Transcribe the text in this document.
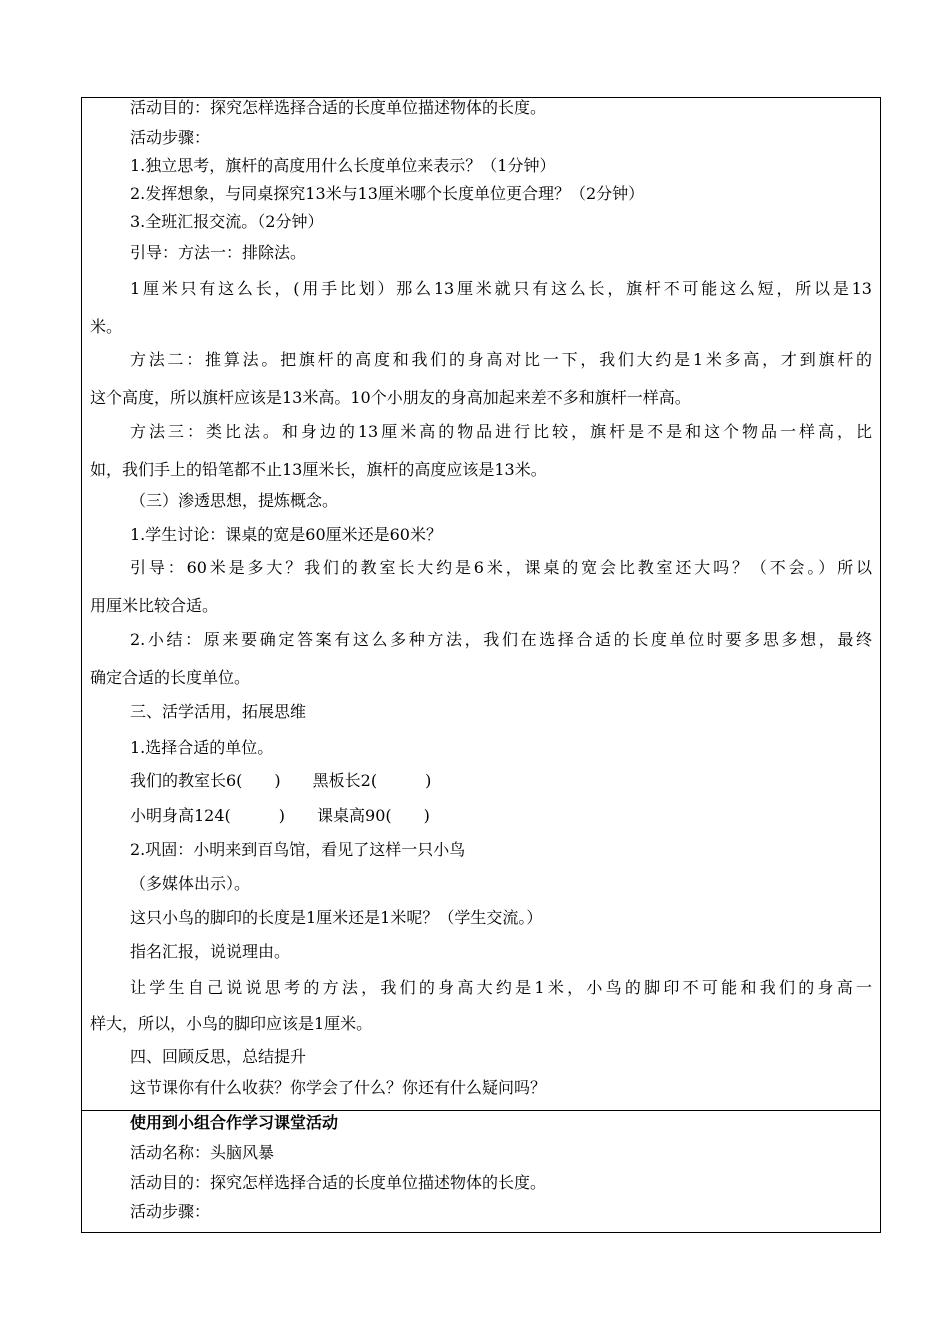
活动目的：探究怎样选择合适的长度单位描述物体的长度。
活动步骤：
1.独立思考，旗杆的高度用什么长度单位来表示？（1分钟）
2.发挥想象，与同桌探究13米与13厘米哪个长度单位更合理？（2分钟）
3.全班汇报交流。（2分钟）
引导：方法一：排除法。
1厘米只有这么长，(用手比划）那么13厘米就只有这么长，旗杆不可能这么短，所以是13
米。
方法二：推算法。把旗杆的高度和我们的身高对比一下，我们大约是1米多高，才到旗杆的
这个高度，所以旗杆应该是13米高。10个小朋友的身高加起来差不多和旗杆一样高。
方法三：类比法。和身边的13厘米高的物品进行比较，旗杆是不是和这个物品一样高，比
如，我们手上的铅笔都不止13厘米长，旗杆的高度应该是13米。
（三）渗透思想，提炼概念。
1.学生讨论：课桌的宽是60厘米还是60米？
引导：60米是多大？我们的教室长大约是6米，课桌的宽会比教室还大吗？（不会。）所以
用厘米比较合适。
2.小结：原来要确定答案有这么多种方法，我们在选择合适的长度单位时要多思多想，最终
确定合适的长度单位。
三、活学活用，拓展思维
1.选择合适的单位。
我们的教室长6(　　)　　黑板长2(　　　)
小明身高124(　　　)　　课桌高90(　　)
2.巩固：小明来到百鸟馆，看见了这样一只小鸟
（多媒体出示）。
这只小鸟的脚印的长度是1厘米还是1米呢？（学生交流。）
指名汇报，说说理由。
让学生自己说说思考的方法，我们的身高大约是1米，小鸟的脚印不可能和我们的身高一
样大，所以，小鸟的脚印应该是1厘米。
四、回顾反思，总结提升
这节课你有什么收获？你学会了什么？你还有什么疑问吗？
使用到小组合作学习课堂活动
活动名称：头脑风暴
活动目的：探究怎样选择合适的长度单位描述物体的长度。
活动步骤：
